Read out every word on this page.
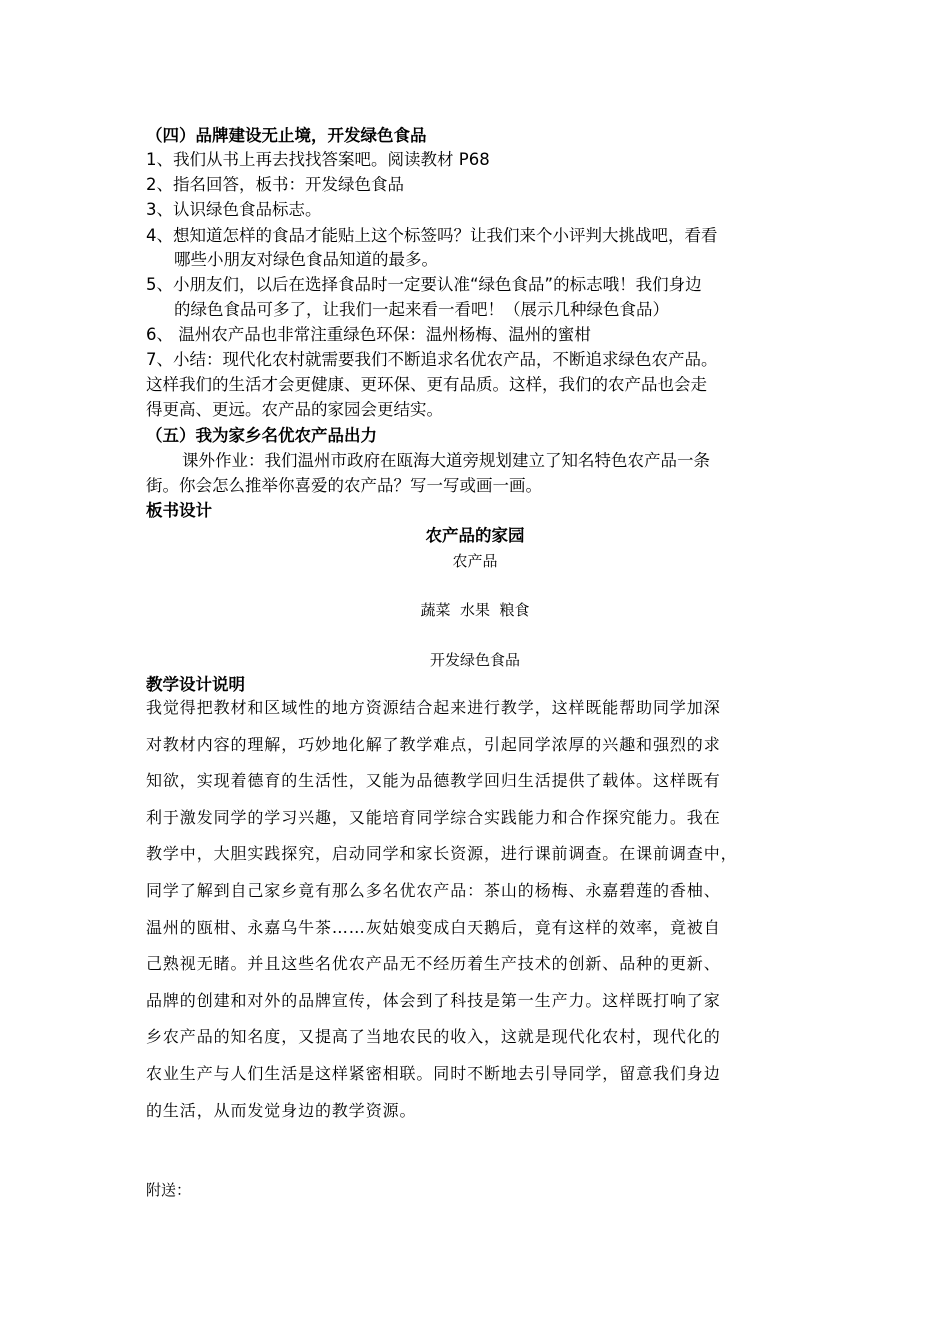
（四）品牌建设无止境，开发绿色食品
1、我们从书上再去找找答案吧。阅读教材 P68
2、指名回答，板书：开发绿色食品
3、认识绿色食品标志。
4、想知道怎样的食品才能贴上这个标签吗？让我们来个小评判大挑战吧，看看
哪些小朋友对绿色食品知道的最多。
5、小朋友们，以后在选择食品时一定要认准“绿色食品”的标志哦！我们身边
的绿色食品可多了，让我们一起来看一看吧！（展示几种绿色食品）
6、 温州农产品也非常注重绿色环保：温州杨梅、温州的蜜柑
7、小结：现代化农村就需要我们不断追求名优农产品，不断追求绿色农产品。
这样我们的生活才会更健康、更环保、更有品质。这样，我们的农产品也会走
得更高、更远。农产品的家园会更结实。
（五）我为家乡名优农产品出力
课外作业：我们温州市政府在瓯海大道旁规划建立了知名特色农产品一条
街。你会怎么推举你喜爱的农产品？写一写或画一画。
板书设计
农产品的家园
农产品
蔬菜  水果  粮食
开发绿色食品
教学设计说明
我觉得把教材和区域性的地方资源结合起来进行教学，这样既能帮助同学加深
对教材内容的理解，巧妙地化解了教学难点，引起同学浓厚的兴趣和强烈的求
知欲，实现着德育的生活性，又能为品德教学回归生活提供了载体。这样既有
利于激发同学的学习兴趣，又能培育同学综合实践能力和合作探究能力。我在
教学中，大胆实践探究，启动同学和家长资源，进行课前调查。在课前调查中，
同学了解到自己家乡竟有那么多名优农产品：茶山的杨梅、永嘉碧莲的香柚、
温州的瓯柑、永嘉乌牛茶……灰姑娘变成白天鹅后，竟有这样的效率，竟被自
己熟视无睹。并且这些名优农产品无不经历着生产技术的创新、品种的更新、
品牌的创建和对外的品牌宣传，体会到了科技是第一生产力。这样既打响了家
乡农产品的知名度，又提高了当地农民的收入，这就是现代化农村，现代化的
农业生产与人们生活是这样紧密相联。同时不断地去引导同学，留意我们身边
的生活，从而发觉身边的教学资源。
附送：
